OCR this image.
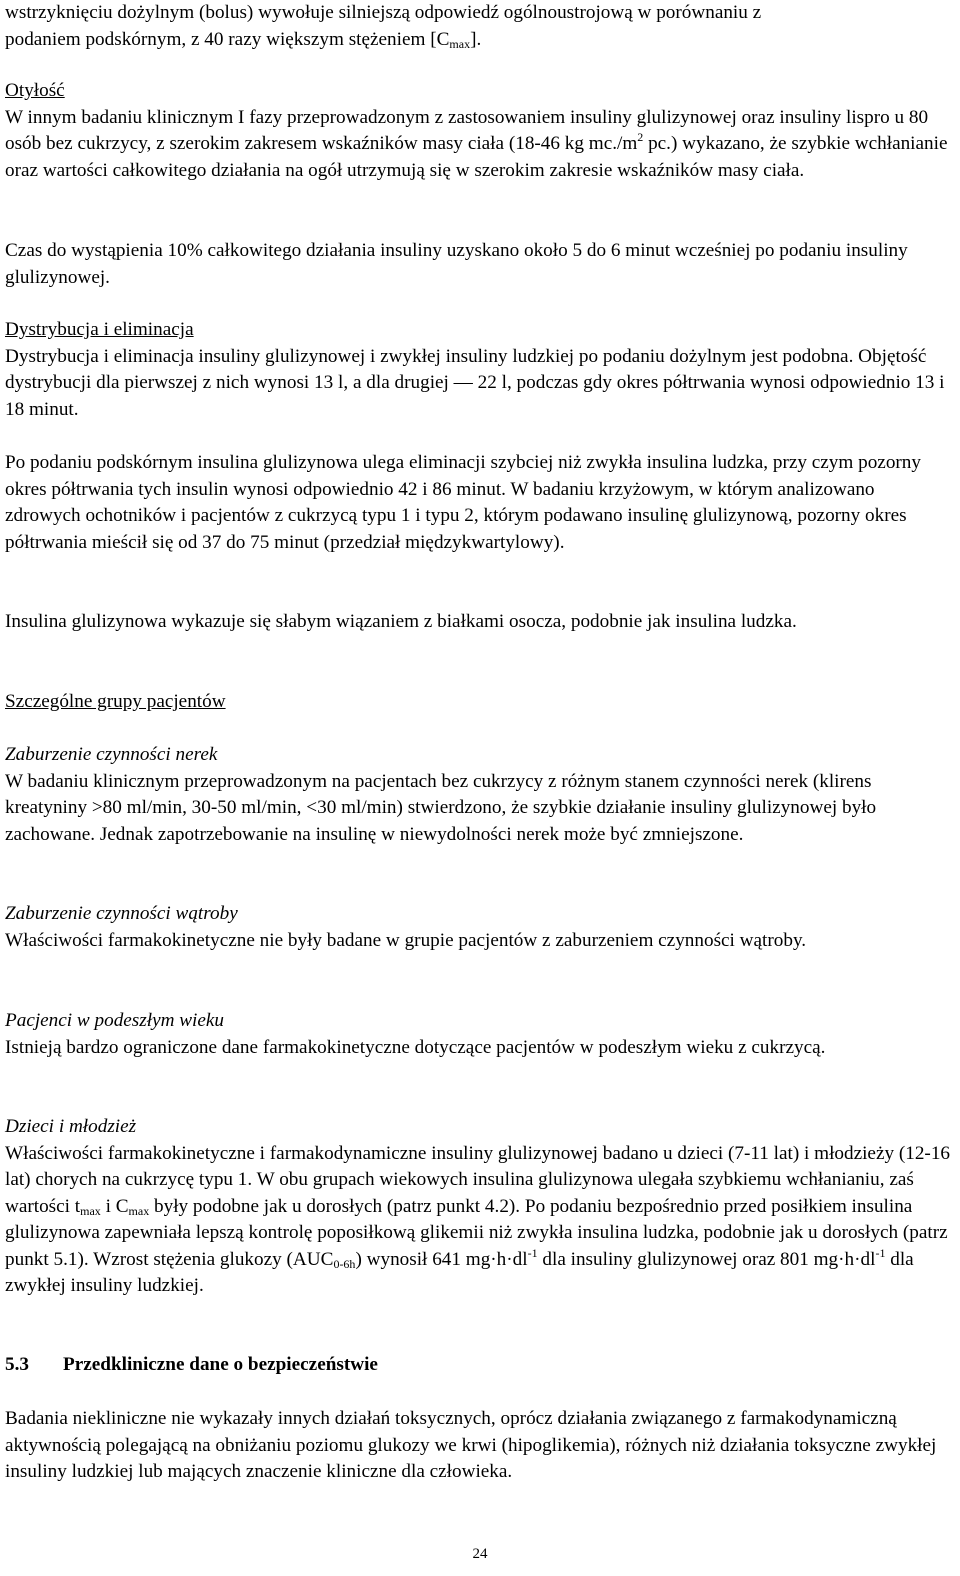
wstrzyknięciu dożylnym (bolus) wywołuje silniejszą odpowiedź ogólnoustrojową w porównaniu z
podaniem podskórnym, z 40 razy większym stężeniem $[C_{max}]$.

Otyłość

W innym badaniu klinicznym I fazy przeprowadzonym z zastosowaniem insuliny glulizynowej oraz insuliny lispro u 80 osób bez cukrzycy, z szerokim zakresem wskaźników masy ciała (18-46 kg $mc./m^2$ pc.) wykazano, że szybkie wchłanianie oraz wartości całkowitego działania na ogół utrzymują się w szerokim zakresie wskaźników masy ciała.

Czas do wystąpienia 10% całkowitego działania insuliny uzyskano około 5 do 6 minut wcześniej po podaniu insuliny glulizynowej.

Dystrybucja i eliminacja

Dystrybucja i eliminacja insuliny glulizynowej i zwykłej insuliny ludzkiej po podaniu dożylnym jest podobna. Objętość dystrybucji dla pierwszej z nich wynosi 13 l, a dla drugiej — 22 l, podczas gdy okres półtrwania wynosi odpowiednio 13 i 18 minut.

Po podaniu podskórnym insulina glulizynowa ulega eliminacji szybciej niż zwykła insulina ludzka, przy czym pozorny okres półtrwania tych insulin wynosi odpowiednio 42 i 86 minut. W badaniu krzyżowym, w którym analizowano zdrowych ochotników i pacjentów z cukrzycą typu 1 i typu 2, którym podawano insulinę glulizynową, pozorny okres półtrwania mieścił się od 37 do 75 minut (przedział międzykwartylowy).

Insulina glulizynowa wykazuje się słabym wiązaniem z białkami osocza, podobnie jak insulina ludzka.

Szczególne grupy pacjentów

Zaburzenie czynności nerek

W badaniu klinicznym przeprowadzonym na pacjentach bez cukrzycy z różnym stanem czynności nerek (klirens kreatyniny >80 ml/min, 30-50 ml/min, <30 ml/min) stwierdzono, że szybkie działanie insuliny glulizynowej było zachowane. Jednak zapotrzebowanie na insulinę w niewydolności nerek może być zmniejszone.

Zaburzenie czynności wątroby

Właściwości farmakokinetyczne nie były badane w grupie pacjentów z zaburzeniem czynności wątroby.

Pacjenci w podeszłym wieku

Istnieją bardzo ograniczone dane farmakokinetyczne dotyczące pacjentów w podeszłym wieku z cukrzycą.

Dzieci i młodzież

Właściwości farmakokinetyczne i farmakodynamiczne insuliny glulizynowej badano u dzieci (7-11 lat) i młodzieży (12-16 lat) chorych na cukrzycę typu 1. W obu grupach wiekowych insulina glulizynowa ulegała szybkiemu wchłanianiu, zaś wartości $t_{max}$ i $C_{max}$ były podobne jak u dorosłych (patrz punkt 4.2). Po podaniu bezpośrednio przed posiłkiem insulina glulizynowa zapewniała lepszą kontrolę poposiłkową glikemii niż zwykła insulina ludzka, podobnie jak u dorosłych (patrz punkt 5.1). Wzrost stężenia glukozy $(AUC_{0-6h})$ wynosił 641 $mg\cdot h\cdot dl^{-1}$ dla insuliny glulizynowej oraz 801 $mg\cdot h\cdot dl^{-1}$ dla zwykłej insuliny ludzkiej.

5.3	Przedkliniczne dane o bezpieczeństwie

Badania niekliniczne nie wykazały innych działań toksycznych, oprócz działania związanego z farmakodynamiczną aktywnością polegającą na obniżaniu poziomu glukozy we krwi (hipoglikemia), różnych niż działania toksyczne zwykłej insuliny ludzkiej lub mających znaczenie kliniczne dla człowieka.

24
